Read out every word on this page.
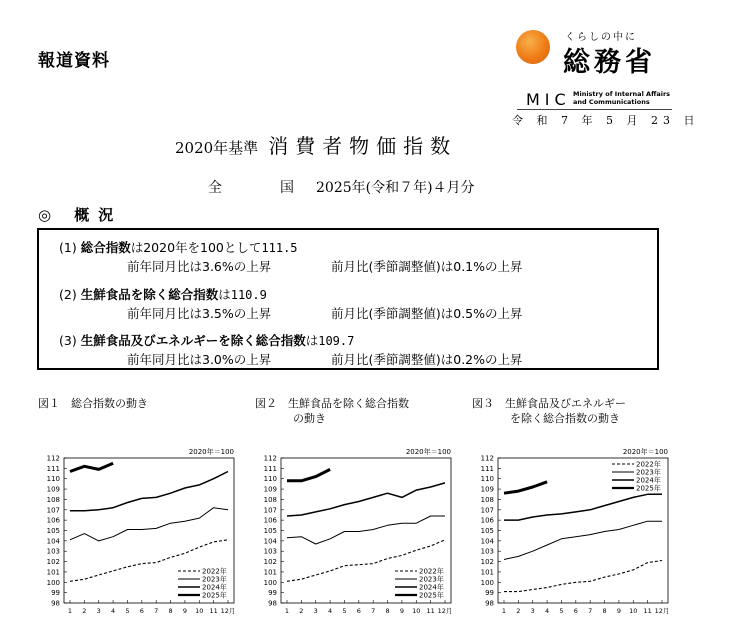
報道資料
くらしの中に
総務省
MIC Ministry of Internal Affairs
and Communications
令 和 7 年 5 月 23 日
2020年基準 消費者物価指数
全　国2025年(令和７年)４月分
◎ 概況
(1) 総合指数は2020年を100として111.5
前年同月比は3.6%の上昇	前月比(季節調整値)は0.1%の上昇
(2) 生鮮食品を除く総合指数は110.9
前年同月比は3.5%の上昇	前月比(季節調整値)は0.5%の上昇
(3) 生鮮食品及びエネルギーを除く総合指数は109.7
前年同月比は3.0%の上昇	前月比(季節調整値)は0.2%の上昇
図１　総合指数の動き	図２　生鮮食品を除く総合指数
の動き
図３　生鮮食品及びエネルギー
を除く総合指数の動き
2020年＝100
98
99
100
101
102
103
104
105
106
107
108
109
110
111
112
1 2 3 4 5 6 7 8 9 10 11 12月
2022年
2023年
2024年
2025年
2020年＝100
98
99
100
101
102
103
104
105
106
107
108
109
110
111
112
1 2 3 4 5 6 7 8 9 10 11 12月
2022年
2023年
2024年
2025年
2020年＝100
98
99
100
101
102
103
104
105
106
107
108
109
110
111
112
1 2 3 4 5 6 7 8 9 10 11 12月
2022年
2023年
2024年
2025年
